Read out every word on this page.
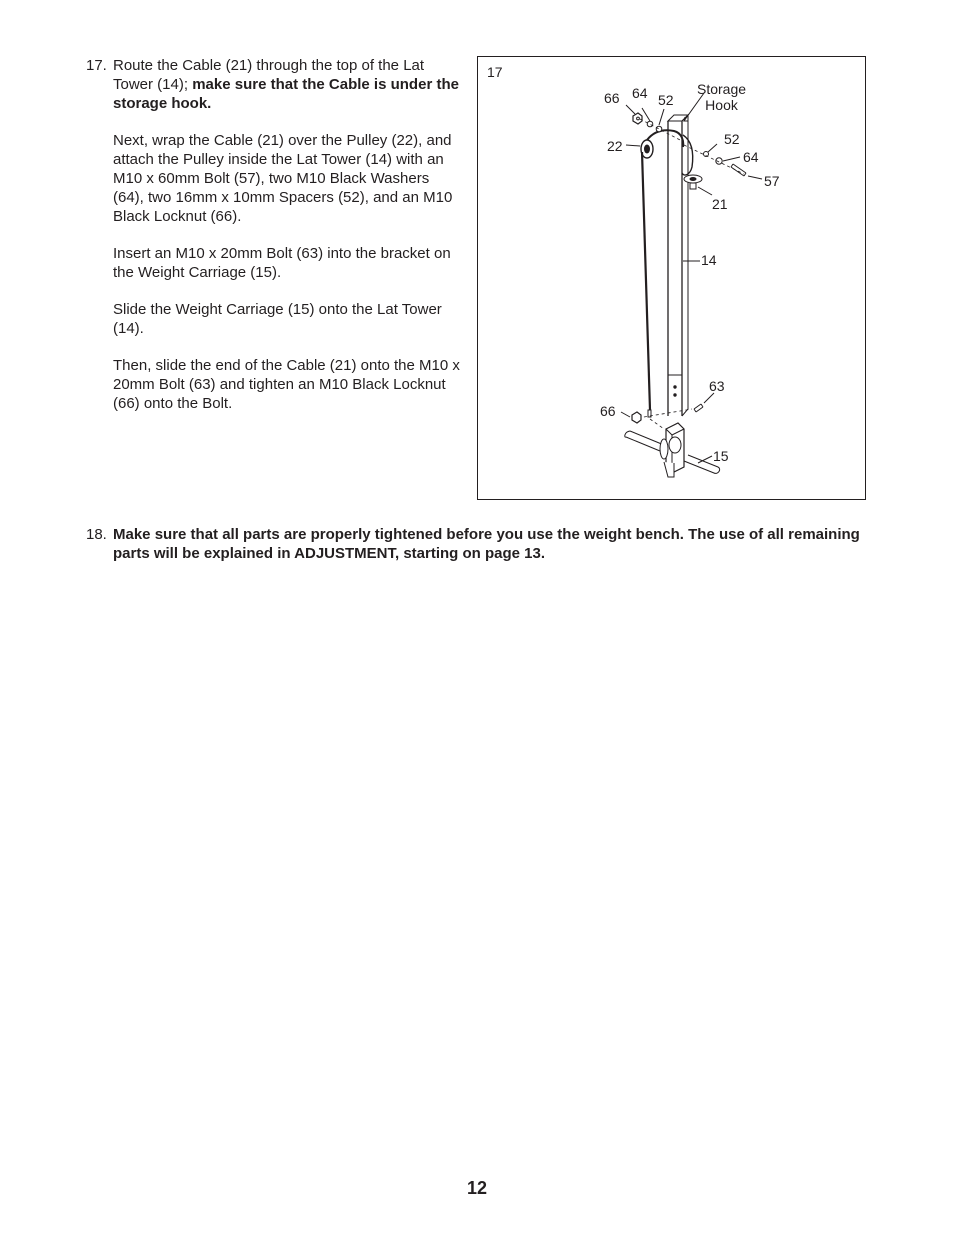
17. Route the Cable (21) through the top of the Lat Tower (14); make sure that the Cable is under the storage hook.
Next, wrap the Cable (21) over the Pulley (22), and attach the Pulley inside the Lat Tower (14) with an M10 x 60mm Bolt (57), two M10 Black Washers (64), two 16mm x 10mm Spacers (52), and an M10 Black Locknut (66).
Insert an M10 x 20mm Bolt (63) into the bracket on the Weight Carriage (15).
Slide the Weight Carriage (15) onto the Lat Tower (14).
Then, slide the end of the Cable (21) onto the M10 x 20mm Bolt (63) and tighten an M10 Black Locknut (66) onto the Bolt.
17
66 64 52
Storage
Hook
22	52
64
57
21
14
63
66
15
18. Make sure that all parts are properly tightened before you use the weight bench. The use of all remaining parts will be explained in ADJUSTMENT, starting on page 13.
12
